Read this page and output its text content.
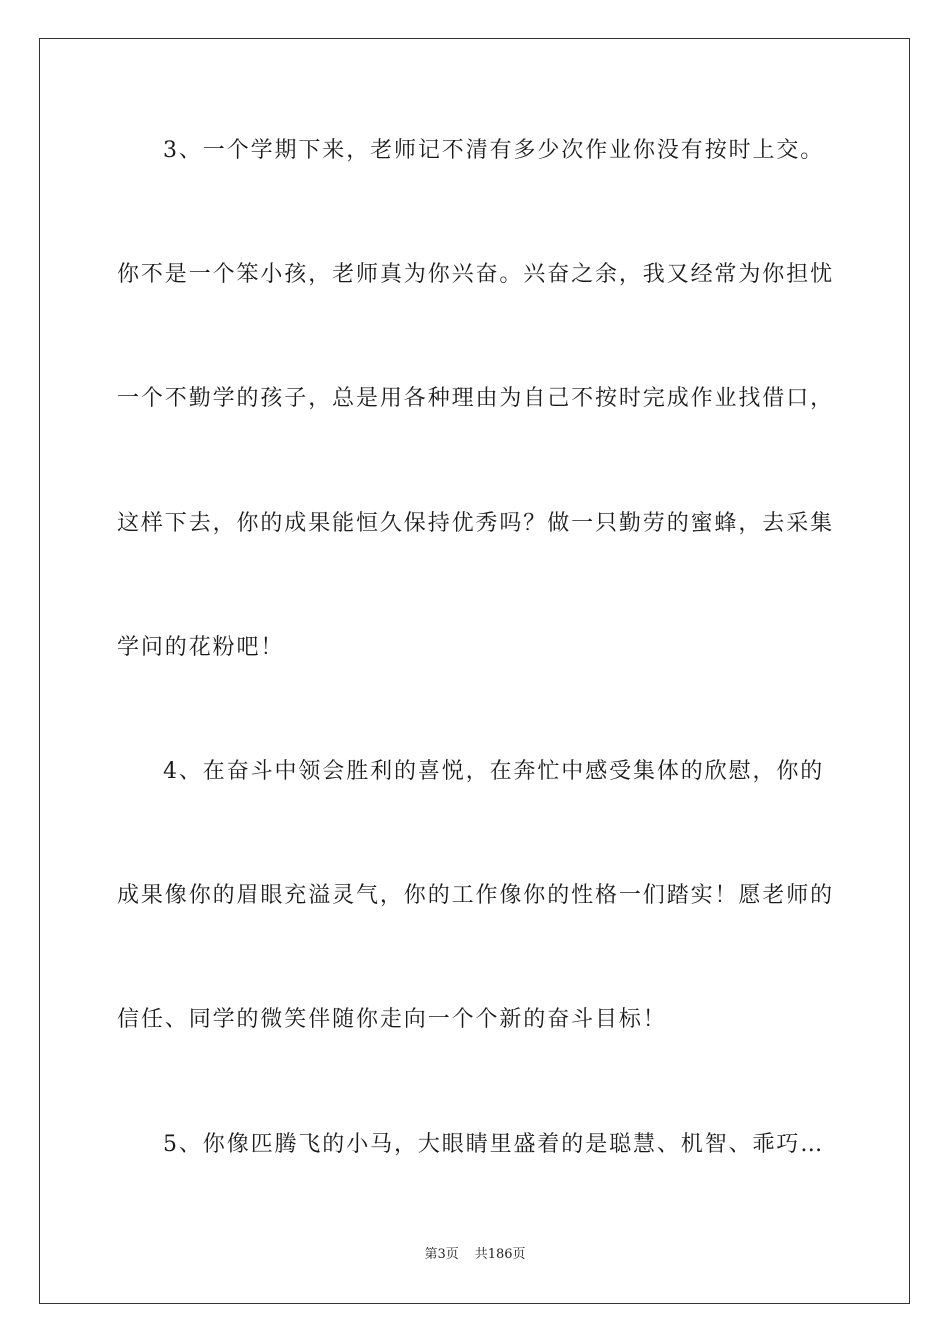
3、一个学期下来，老师记不清有多少次作业你没有按时上交。
你不是一个笨小孩，老师真为你兴奋。兴奋之余，我又经常为你担忧
一个不勤学的孩子，总是用各种理由为自己不按时完成作业找借口，
这样下去，你的成果能恒久保持优秀吗？做一只勤劳的蜜蜂，去采集
学问的花粉吧！
4、在奋斗中领会胜利的喜悦，在奔忙中感受集体的欣慰，你的
成果像你的眉眼充溢灵气，你的工作像你的性格一们踏实！愿老师的
信任、同学的微笑伴随你走向一个个新的奋斗目标！
5、你像匹腾飞的小马，大眼睛里盛着的是聪慧、机智、乖巧…
第3页 共186页
